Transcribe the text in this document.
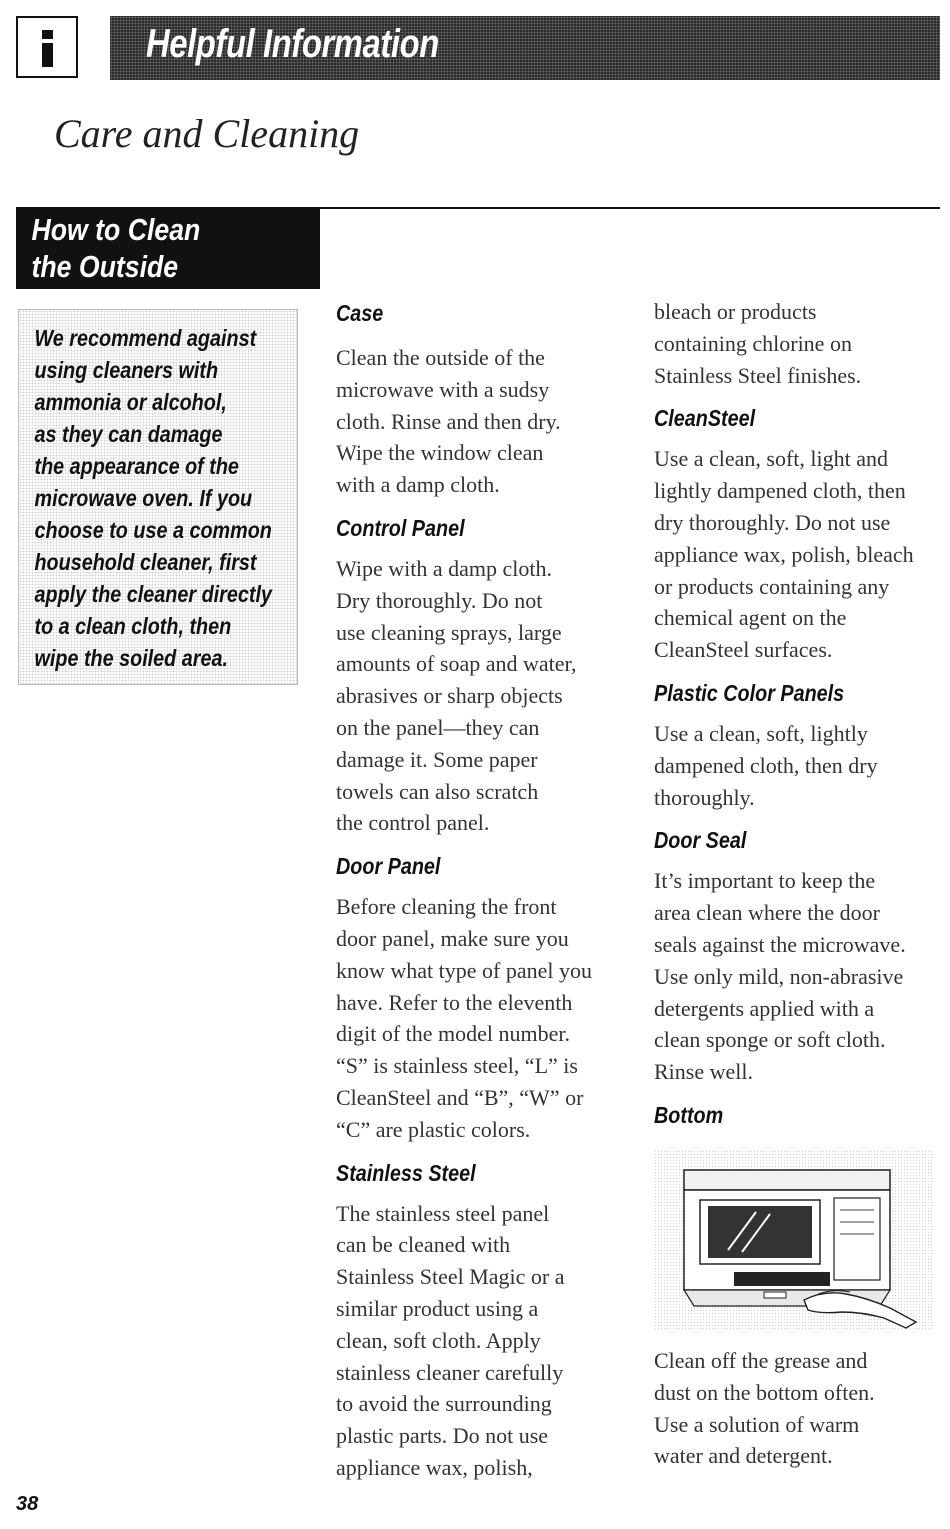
Helpful Information
Care and Cleaning
How to Clean
the Outside
We recommend against
using cleaners with
ammonia or alcohol,
as they can damage
the appearance of the
microwave oven. If you
choose to use a common
household cleaner, first
apply the cleaner directly
to a clean cloth, then
wipe the soiled area.
Case
Clean the outside of the
microwave with a sudsy
cloth. Rinse and then dry.
Wipe the window clean
with a damp cloth.
Control Panel
Wipe with a damp cloth.
Dry thoroughly. Do not
use cleaning sprays, large
amounts of soap and water,
abrasives or sharp objects
on the panel—they can
damage it. Some paper
towels can also scratch
the control panel.
Door Panel
Before cleaning the front
door panel, make sure you
know what type of panel you
have. Refer to the eleventh
digit of the model number.
“S” is stainless steel, “L” is
CleanSteel and “B”, “W” or
“C” are plastic colors.
Stainless Steel
The stainless steel panel
can be cleaned with
Stainless Steel Magic or a
similar product using a
clean, soft cloth. Apply
stainless cleaner carefully
to avoid the surrounding
plastic parts. Do not use
appliance wax, polish,
bleach or products
containing chlorine on
Stainless Steel finishes.
CleanSteel
Use a clean, soft, light and
lightly dampened cloth, then
dry thoroughly. Do not use
appliance wax, polish, bleach
or products containing any
chemical agent on the
CleanSteel surfaces.
Plastic Color Panels
Use a clean, soft, lightly
dampened cloth, then dry
thoroughly.
Door Seal
It’s important to keep the
area clean where the door
seals against the microwave.
Use only mild, non-abrasive
detergents applied with a
clean sponge or soft cloth.
Rinse well.
Bottom
Clean off the grease and
dust on the bottom often.
Use a solution of warm
water and detergent.
38
